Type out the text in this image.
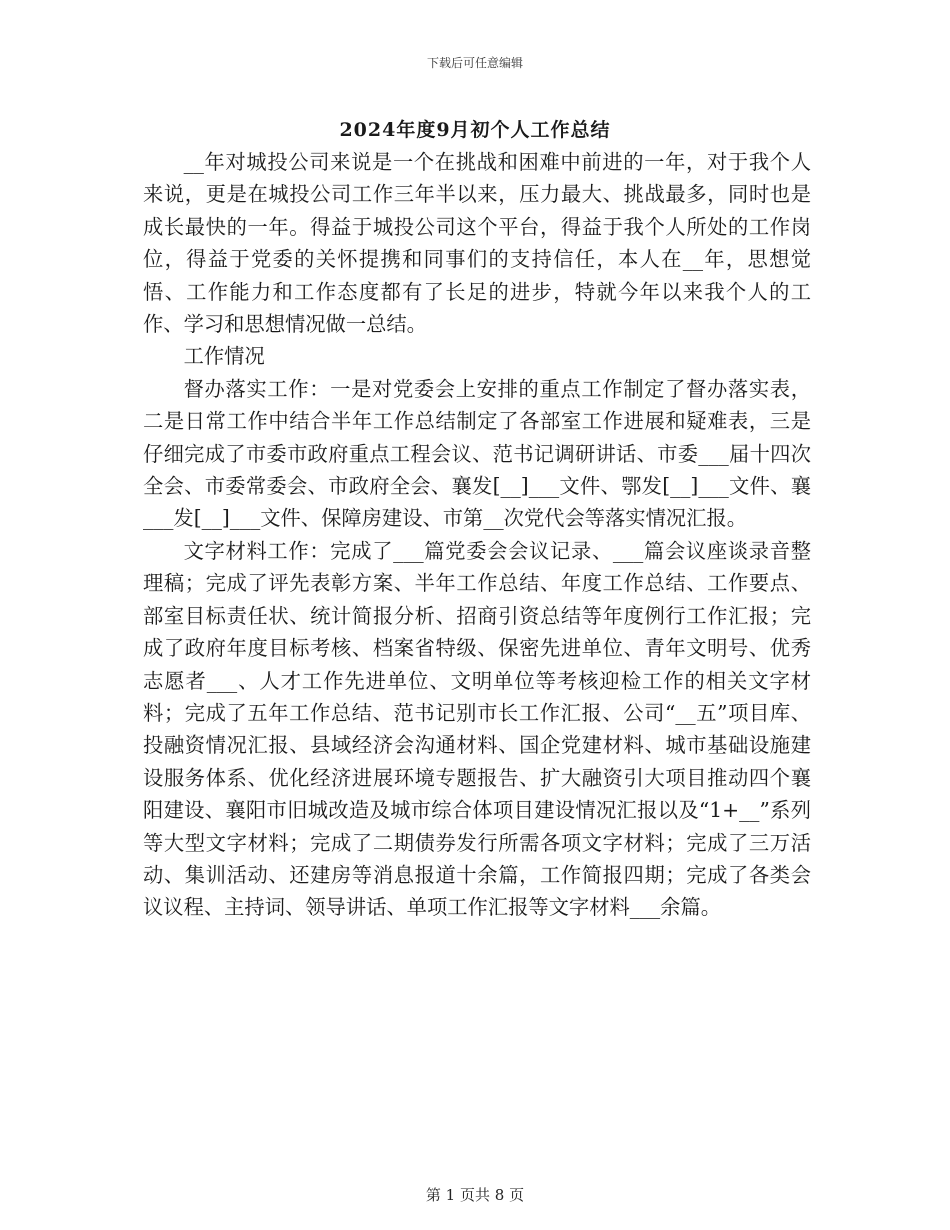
下载后可任意编辑
2024年度9月初个人工作总结

__年对城投公司来说是一个在挑战和困难中前进的一年，对于我个人来说，更是在城投公司工作三年半以来，压力最大、挑战最多，同时也是成长最快的一年。得益于城投公司这个平台，得益于我个人所处的工作岗位，得益于党委的关怀提携和同事们的支持信任，本人在__年，思想觉悟、工作能力和工作态度都有了长足的进步，特就今年以来我个人的工作、学习和思想情况做一总结。

工作情况

督办落实工作：一是对党委会上安排的重点工作制定了督办落实表，二是日常工作中结合半年工作总结制定了各部室工作进展和疑难表，三是仔细完成了市委市政府重点工程会议、范书记调研讲话、市委___届十四次全会、市委常委会、市政府全会、襄发[__]___文件、鄂发[__]___文件、襄___发[__]___文件、保障房建设、市第__次党代会等落实情况汇报。

文字材料工作：完成了___篇党委会会议记录、___篇会议座谈录音整理稿；完成了评先表彰方案、半年工作总结、年度工作总结、工作要点、部室目标责任状、统计简报分析、招商引资总结等年度例行工作汇报；完成了政府年度目标考核、档案省特级、保密先进单位、青年文明号、优秀志愿者___、人才工作先进单位、文明单位等考核迎检工作的相关文字材料；完成了五年工作总结、范书记别市长工作汇报、公司“__五”项目库、投融资情况汇报、县域经济会沟通材料、国企党建材料、城市基础设施建设服务体系、优化经济进展环境专题报告、扩大融资引大项目推动四个襄阳建设、襄阳市旧城改造及城市综合体项目建设情况汇报以及“1+__”系列等大型文字材料；完成了二期债券发行所需各项文字材料；完成了三万活动、集训活动、还建房等消息报道十余篇，工作简报四期；完成了各类会议议程、主持词、领导讲话、单项工作汇报等文字材料___余篇。

第 1 页共 8 页
